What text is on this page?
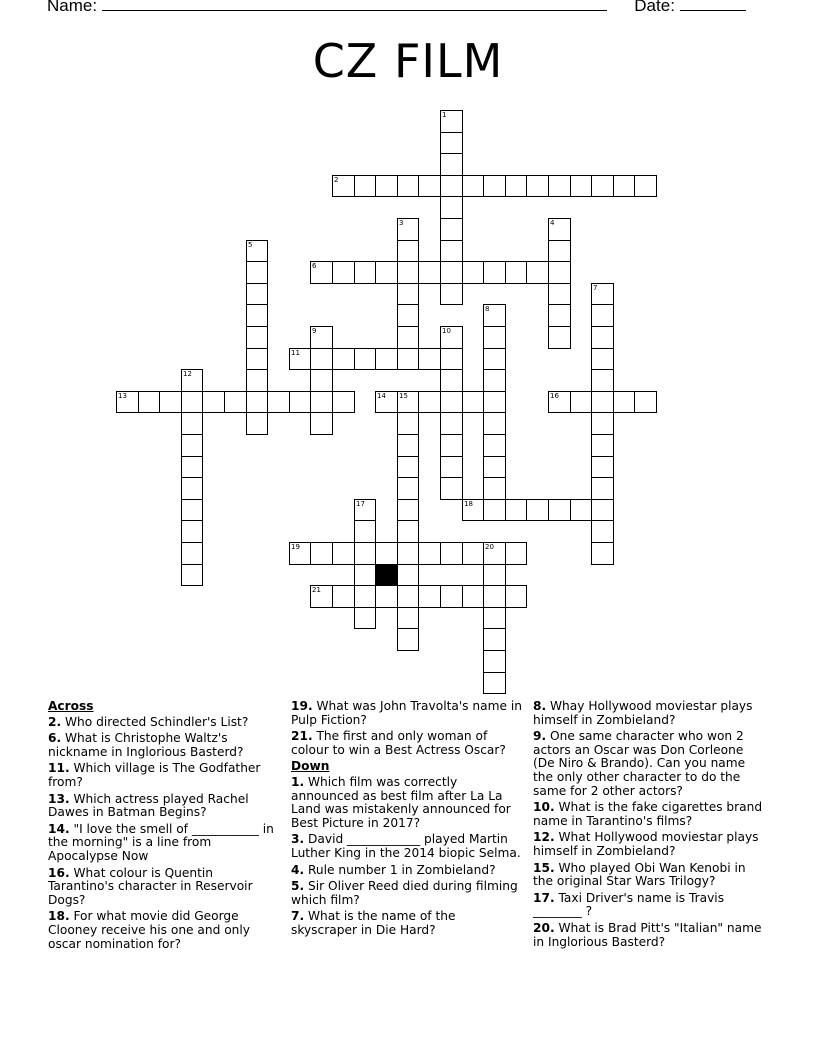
Name:	Date:
CZ FILM
1
2
3	4
5
6
7
8
9	10
11
12
13	14 15	16
17	18
19	20
21
Across
2. Who directed Schindler's List?
6. What is Christophe Waltz's nickname in Inglorious Basterd?
11. Which village is The Godfather from?
13. Which actress played Rachel Dawes in Batman Begins?
14. "I love the smell of ___________ in the morning" is a line from Apocalypse Now
16. What colour is Quentin Tarantino's character in Reservoir Dogs?
18. For what movie did George Clooney receive his one and only oscar nomination for?
19. What was John Travolta's name in Pulp Fiction?
21. The first and only woman of colour to win a Best Actress Oscar?
Down
1. Which film was correctly announced as best film after La La Land was mistakenly announced for Best Picture in 2017?
3. David ____________ played Martin Luther King in the 2014 biopic Selma.
4. Rule number 1 in Zombieland?
5. Sir Oliver Reed died during filming which film?
7. What is the name of the skyscraper in Die Hard?
8. Whay Hollywood moviestar plays himself in Zombieland?
9. One same character who won 2 actors an Oscar was Don Corleone (De Niro & Brando). Can you name the only other character to do the same for 2 other actors?
10. What is the fake cigarettes brand name in Tarantino's films?
12. What Hollywood moviestar plays himself in Zombieland?
15. Who played Obi Wan Kenobi in the original Star Wars Trilogy?
17. Taxi Driver's name is Travis ________ ?
20. What is Brad Pitt's "Italian" name in Inglorious Basterd?
